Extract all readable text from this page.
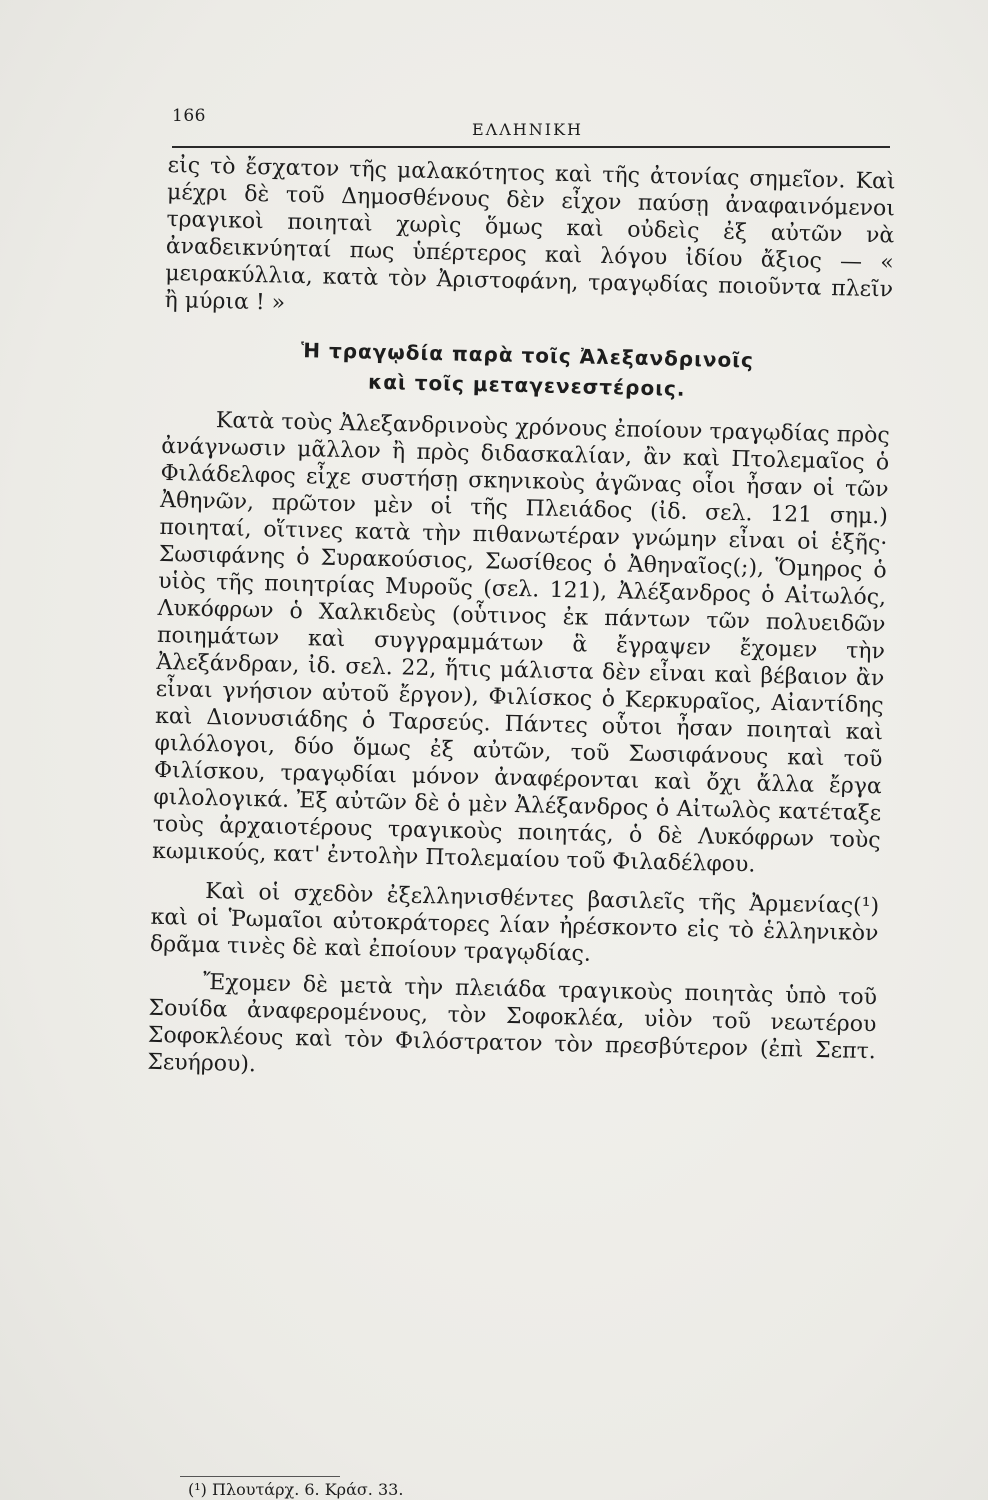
166
ΕΛΛΗΝΙΚΗ

εἰς τὸ ἔσχατον τῆς μαλακότητος καὶ τῆς ἀτονίας σημεῖον. Καὶ μέχρι δὲ τοῦ Δημοσθένους δὲν εἶχον παύσῃ ἀναφαινόμενοι τραγικοὶ ποιηταὶ χωρὶς ὅμως καὶ οὐδεὶς ἐξ αὐτῶν νὰ ἀναδεικνύηταί πως ὑπέρτερος καὶ λόγου ἰδίου ἄξιος — « μειρακύλλια, κατὰ τὸν Ἀριστοφάνη, τραγῳδίας ποιοῦντα πλεῖν ἢ μύρια ! »

Ἡ τραγῳδία παρὰ τοῖς Ἀλεξανδρινοῖς
καὶ τοῖς μεταγενεστέροις.

Κατὰ τοὺς Ἀλεξανδρινοὺς χρόνους ἐποίουν τραγῳδίας πρὸς ἀνάγνωσιν μᾶλλον ἢ πρὸς διδασκαλίαν, ἂν καὶ Πτολεμαῖος ὁ Φιλάδελφος εἶχε συστήσῃ σκηνικοὺς ἀγῶνας οἷοι ἦσαν οἱ τῶν Ἀθηνῶν, πρῶτον μὲν οἱ τῆς Πλειάδος (ἰδ. σελ. 121 σημ.) ποιηταί, οἵτινες κατὰ τὴν πιθανωτέραν γνώμην εἶναι οἱ ἑξῆς· Σωσιφάνης ὁ Συρακούσιος, Σωσίθεος ὁ Ἀθηναῖος(;), Ὅμηρος ὁ υἱὸς τῆς ποιητρίας Μυροῦς (σελ. 121), Ἀλέξανδρος ὁ Αἰτωλός, Λυκόφρων ὁ Χαλκιδεὺς (οὗτινος ἐκ πάντων τῶν πολυειδῶν ποιημάτων καὶ συγγραμμάτων ἃ ἔγραψεν ἔχομεν τὴν Ἀλεξάνδραν, ἰδ. σελ. 22, ἥτις μάλιστα δὲν εἶναι καὶ βέβαιον ἂν εἶναι γνήσιον αὐτοῦ ἔργον), Φιλίσκος ὁ Κερκυραῖος, Αἰαντίδης καὶ Διονυσιάδης ὁ Ταρσεύς. Πάντες οὗτοι ἦσαν ποιηταὶ καὶ φιλόλογοι, δύο ὅμως ἐξ αὐτῶν, τοῦ Σωσιφάνους καὶ τοῦ Φιλίσκου, τραγῳδίαι μόνον ἀναφέρονται καὶ ὄχι ἄλλα ἔργα φιλολογικά. Ἐξ αὐτῶν δὲ ὁ μὲν Ἀλέξανδρος ὁ Αἰτωλὸς κατέταξε τοὺς ἀρχαιοτέρους τραγικοὺς ποιητάς, ὁ δὲ Λυκόφρων τοὺς κωμικούς, κατ' ἐντολὴν Πτολεμαίου τοῦ Φιλαδέλφου.

Καὶ οἱ σχεδὸν ἐξελληνισθέντες βασιλεῖς τῆς Ἀρμενίας(¹) καὶ οἱ Ῥωμαῖοι αὐτοκράτορες λίαν ἠρέσκοντο εἰς τὸ ἑλληνικὸν δρᾶμα τινὲς δὲ καὶ ἐποίουν τραγῳδίας.

Ἔχομεν δὲ μετὰ τὴν πλειάδα τραγικοὺς ποιητὰς ὑπὸ τοῦ Σουίδα ἀναφερομένους, τὸν Σοφοκλέα, υἱὸν τοῦ νεωτέρου Σοφοκλέους καὶ τὸν Φιλόστρατον τὸν πρεσβύτερον (ἐπὶ Σεπτ. Σευήρου).

(¹) Πλουτάρχ. 6. Κράσ. 33.
